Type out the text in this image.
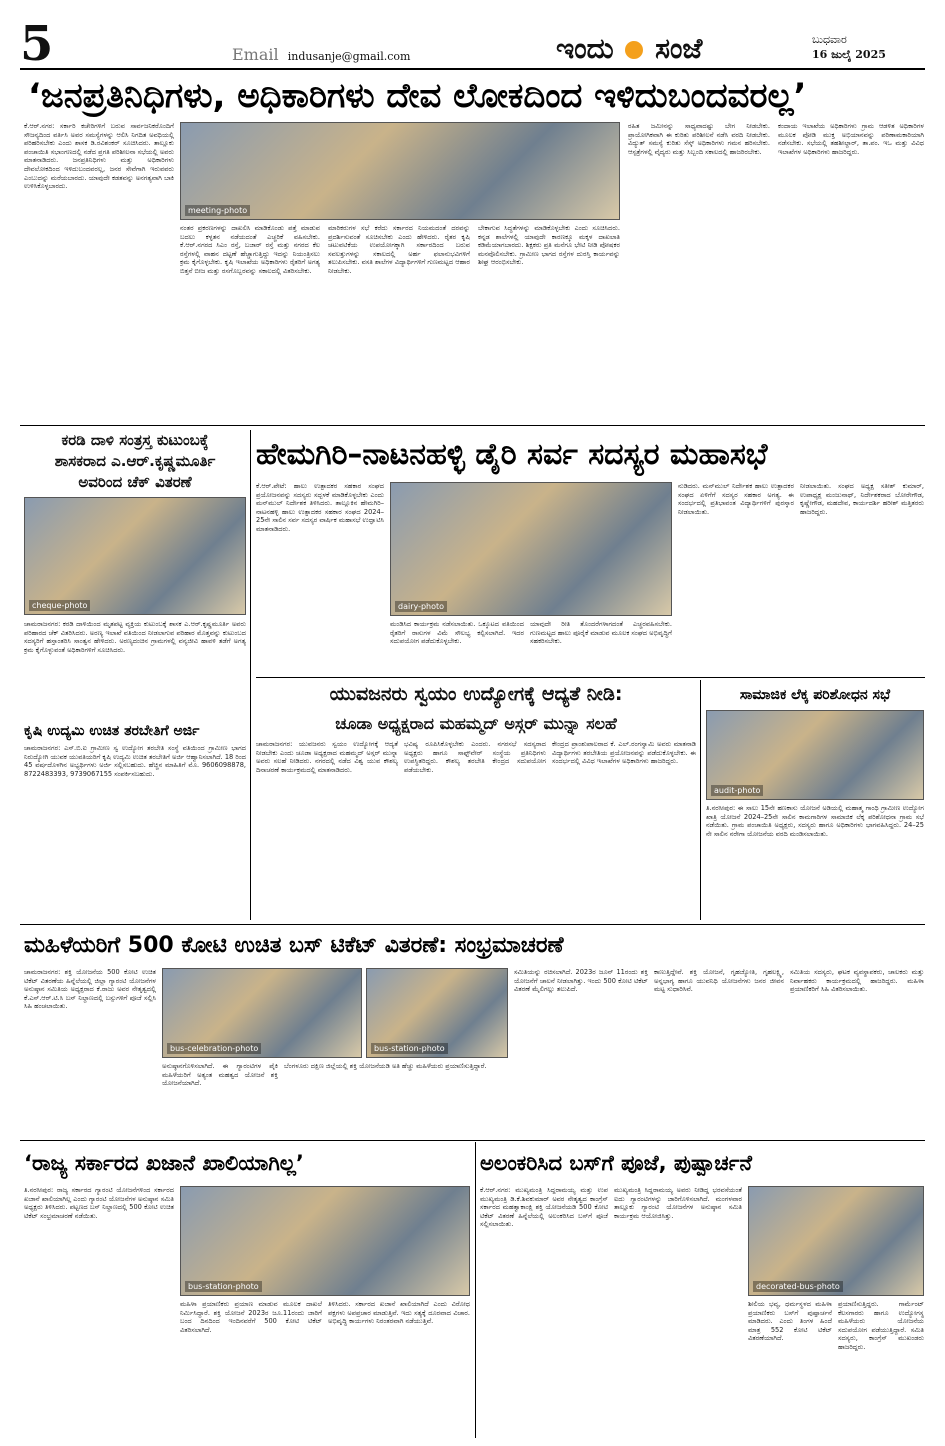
5	Email indusanje@gmail.com	ಇಂದು ಸಂಜೆ	ಬುಧವಾರ
16 ಜುಲೈ 2025
‘ಜನಪ್ರತಿನಿಧಿಗಳು, ಅಧಿಕಾರಿಗಳು ದೇವ ಲೋಕದಿಂದ ಇಳಿದುಬಂದವರಲ್ಲ’
ಕೆ.ಆರ್.ನಗರ: ಸರ್ಕಾರಿ ಕಚೇರಿಗಳಿಗೆ ಬರುವ ಸಾರ್ವಜನಿಕರೊಂದಿಗೆ ಸೌಜನ್ಯದಿಂದ ವರ್ತಿಸಿ ಅವರ ಸಮಸ್ಯೆಗಳನ್ನು ಆಲಿಸಿ ನಿಗದಿತ ಅವಧಿಯಲ್ಲಿ ಪರಿಹರಿಸಬೇಕು ಎಂದು ಶಾಸಕ ಡಿ.ರವಿಶಂಕರ್ ಸೂಚಿಸಿದರು. ತಾಲ್ಲೂಕು ಪಂಚಾಯಿತಿ ಸಭಾಂಗಣದಲ್ಲಿ ನಡೆದ ಪ್ರಗತಿ ಪರಿಶೀಲನಾ ಸಭೆಯಲ್ಲಿ ಅವರು ಮಾತನಾಡಿದರು. ಜನಪ್ರತಿನಿಧಿಗಳು ಮತ್ತು ಅಧಿಕಾರಿಗಳು ದೇವಲೋಕದಿಂದ ಇಳಿದುಬಂದವರಲ್ಲ, ಜನರ ಸೇವೆಗಾಗಿ ಇರುವವರು ಎಂಬುದನ್ನು ಮರೆಯಬಾರದು. ಯಾವುದೇ ಕಡತವನ್ನು ಅನಗತ್ಯವಾಗಿ ಬಾಕಿ ಉಳಿಸಿಕೊಳ್ಳಬಾರದು.
meeting-photo
ನಂತರ ಪ್ರಕರಣಗಳನ್ನು ದಾಖಲಿಸಿ ಮಾಡಿಕೊಂಡು ಪತ್ತೆ ಮಾಡುವ ಬದಲು ಕಳ್ಳತನ ನಡೆಯದಂತೆ ಎಚ್ಚರಿಕೆ ವಹಿಸಬೇಕು. ಕೆ.ಆರ್.ನಗರದ ಸಿಎಂ ರಸ್ತೆ, ಬಜಾರ್ ರಸ್ತೆ ಮತ್ತು ನಗರದ ಕೆಲ ರಸ್ತೆಗಳಲ್ಲಿ ವಾಹನ ದಟ್ಟಣೆ ಹೆಚ್ಚಾಗುತ್ತಿದ್ದು ಇದನ್ನು ನಿಯಂತ್ರಿಸಲು ಕ್ರಮ ಕೈಗೊಳ್ಳಬೇಕು. ಕೃಷಿ ಇಲಾಖೆಯ ಅಧಿಕಾರಿಗಳು ರೈತರಿಗೆ ಅಗತ್ಯ ಬಿತ್ತನೆ ಬೀಜ ಮತ್ತು ರಸಗೊಬ್ಬರವನ್ನು ಸಕಾಲದಲ್ಲಿ ವಿತರಿಸಬೇಕು.
ಮಾರಿಕರುಗಳ ಸಭೆ ಕರೆದು ಸರ್ಕಾರದ ನಿಯಮದಂತೆ ದರವನ್ನು ಪ್ರದರ್ಶಿಸುವಂತೆ ಸೂಚಿಸಬೇಕು ಎಂದು ಹೇಳಿದರು. ರೈತರ ಕೃಷಿ ಚಟುವಟಿಕೆಯ ಉಪಯೋಗಕ್ಕಾಗಿ ಸರ್ಕಾರದಿಂದ ಬರುವ ಸವಲತ್ತುಗಳನ್ನು ಸಕಾಲದಲ್ಲಿ ಅರ್ಹ ಫಲಾನುಭವಿಗಳಿಗೆ ತಲುಪಿಸಬೇಕು. ವಸತಿ ಶಾಲೆಗಳ ವಿದ್ಯಾರ್ಥಿಗಳಿಗೆ ಗುಣಮಟ್ಟದ ಆಹಾರ ನೀಡಬೇಕು.
ಬೇಕಾಗುವ ಸಿದ್ಧತೆಗಳನ್ನು ಮಾಡಿಕೊಳ್ಳಬೇಕು ಎಂದು ಸೂಚಿಸಿದರು. ಕನ್ನಡ ಶಾಲೆಗಳಲ್ಲಿ ಯಾವುದೇ ಕಾರಣಕ್ಕೂ ಮಕ್ಕಳ ದಾಖಲಾತಿ ಕಡಿಮೆಯಾಗಬಾರದು. ಶಿಕ್ಷಕರು ಪ್ರತಿ ಮನೆಗೂ ಭೇಟಿ ನೀಡಿ ಪೋಷಕರ ಮನವೊಲಿಸಬೇಕು. ಗ್ರಾಮೀಣ ಭಾಗದ ರಸ್ತೆಗಳ ದುರಸ್ತಿ ಕಾರ್ಯವನ್ನು ಶೀಘ್ರ ಆರಂಭಿಸಬೇಕು.
ರಹಿತ ಜಮೀನನ್ನು ಸಾಧ್ಯವಾದಷ್ಟು ಬೇಗ ನೀಡಬೇಕು. ಪ್ರಾಯೋಗಿಕವಾಗಿ ಈ ಕುರಿತು ಪರಿಶೀಲನೆ ನಡೆಸಿ ವರದಿ ನೀಡಬೇಕು. ವಿದ್ಯುತ್ ಸಮಸ್ಯೆ ಕುರಿತು ಸೆಸ್ಕ್ ಅಧಿಕಾರಿಗಳು ಗಮನ ಹರಿಸಬೇಕು. ಆಸ್ಪತ್ರೆಗಳಲ್ಲಿ ವೈದ್ಯರು ಮತ್ತು ಸಿಬ್ಬಂದಿ ಸಕಾಲದಲ್ಲಿ ಹಾಜರಿರಬೇಕು.
ಕಂದಾಯ ಇಲಾಖೆಯ ಅಧಿಕಾರಿಗಳು ಗ್ರಾಮ ಆಡಳಿತ ಅಧಿಕಾರಿಗಳ ಮೂಲಕ ಪೋಡಿ ಮುಕ್ತ ಅಭಿಯಾನವನ್ನು ಪರಿಣಾಮಕಾರಿಯಾಗಿ ನಡೆಸಬೇಕು. ಸಭೆಯಲ್ಲಿ ತಹಶೀಲ್ದಾರ್, ತಾ.ಪಂ. ಇಒ ಮತ್ತು ವಿವಿಧ ಇಲಾಖೆಗಳ ಅಧಿಕಾರಿಗಳು ಹಾಜರಿದ್ದರು.
ಕರಡಿ ದಾಳಿ ಸಂತ್ರಸ್ತ ಕುಟುಂಬಕ್ಕೆ
ಶಾಸಕರಾದ ಎ.ಆರ್.ಕೃಷ್ಣಮೂರ್ತಿ
ಅವರಿಂದ ಚೆಕ್ ವಿತರಣೆ
cheque-photo
ಚಾಮರಾಜನಗರ: ಕರಡಿ ದಾಳಿಯಿಂದ ಮೃತಪಟ್ಟ ವ್ಯಕ್ತಿಯ ಕುಟುಂಬಕ್ಕೆ ಶಾಸಕ ಎ.ಆರ್.ಕೃಷ್ಣಮೂರ್ತಿ ಅವರು ಪರಿಹಾರದ ಚೆಕ್ ವಿತರಿಸಿದರು. ಅರಣ್ಯ ಇಲಾಖೆ ವತಿಯಿಂದ ನೀಡಲಾಗುವ ಪರಿಹಾರ ಮೊತ್ತವನ್ನು ಕುಟುಂಬದ ಸದಸ್ಯರಿಗೆ ಹಸ್ತಾಂತರಿಸಿ ಸಾಂತ್ವನ ಹೇಳಿದರು. ಅರಣ್ಯದಂಚಿನ ಗ್ರಾಮಗಳಲ್ಲಿ ವನ್ಯಜೀವಿ ಹಾವಳಿ ತಡೆಗೆ ಅಗತ್ಯ ಕ್ರಮ ಕೈಗೊಳ್ಳುವಂತೆ ಅಧಿಕಾರಿಗಳಿಗೆ ಸೂಚಿಸಿದರು.
ಕೃಷಿ ಉದ್ಯಮಿ ಉಚಿತ ತರಬೇತಿಗೆ ಅರ್ಜಿ
ಚಾಮರಾಜನಗರ: ಎಸ್.ಬಿ.ಐ ಗ್ರಾಮೀಣ ಸ್ವ ಉದ್ಯೋಗ ತರಬೇತಿ ಸಂಸ್ಥೆ ವತಿಯಿಂದ ಗ್ರಾಮೀಣ ಭಾಗದ ನಿರುದ್ಯೋಗಿ ಯುವಕ ಯುವತಿಯರಿಗೆ ಕೃಷಿ ಉದ್ಯಮಿ ಉಚಿತ ತರಬೇತಿಗೆ ಅರ್ಜಿ ಆಹ್ವಾನಿಸಲಾಗಿದೆ. 18 ರಿಂದ 45 ವರ್ಷದೊಳಗಿನ ಅಭ್ಯರ್ಥಿಗಳು ಅರ್ಜಿ ಸಲ್ಲಿಸಬಹುದು. ಹೆಚ್ಚಿನ ಮಾಹಿತಿಗೆ ಮೊ. 9606098878, 8722483393, 9739067155 ಸಂಪರ್ಕಿಸಬಹುದು.
ಹೇಮಗಿರಿ–ನಾಟನಹಳ್ಳಿ ಡೈರಿ ಸರ್ವ ಸದಸ್ಯರ ಮಹಾಸಭೆ
ಕೆ.ಆರ್.ಪೇಟೆ: ಹಾಲು ಉತ್ಪಾದಕರ ಸಹಕಾರ ಸಂಘದ ಪ್ರಯೋಜನವನ್ನು ಸದಸ್ಯರು ಸದ್ಬಳಕೆ ಮಾಡಿಕೊಳ್ಳಬೇಕು ಎಂದು ಮನ್‌ಮುಲ್ ನಿರ್ದೇಶಕ ತಿಳಿಸಿದರು. ತಾಲ್ಲೂಕಿನ ಹೇಮಗಿರಿ–ನಾಟನಹಳ್ಳಿ ಹಾಲು ಉತ್ಪಾದಕರ ಸಹಕಾರ ಸಂಘದ 2024–25ನೇ ಸಾಲಿನ ಸರ್ವ ಸದಸ್ಯರ ವಾರ್ಷಿಕ ಮಹಾಸಭೆ ಉದ್ಘಾಟಿಸಿ ಮಾತನಾಡಿದರು.
dairy-photo
ಮಂಡಿಸಿದ ಕಾರ್ಯಕ್ರಮ ನಡೆಸಲಾಯಿತು. ಒಕ್ಕೂಟದ ವತಿಯಿಂದ ರೈತರಿಗೆ ರಾಸುಗಳ ವಿಮೆ ಸೌಲಭ್ಯ ಕಲ್ಪಿಸಲಾಗಿದೆ. ಇದರ ಸದುಪಯೋಗ ಪಡೆದುಕೊಳ್ಳಬೇಕು.
ಯಾವುದೇ ರೀತಿ ತೊಂದರೆಗಳಾಗದಂತೆ ಎಚ್ಚರವಹಿಸಬೇಕು. ಗುಣಮಟ್ಟದ ಹಾಲು ಪೂರೈಕೆ ಮಾಡುವ ಮೂಲಕ ಸಂಘದ ಅಭಿವೃದ್ಧಿಗೆ ಸಹಕರಿಸಬೇಕು.
ನುಡಿದರು. ಮನ್‌ಮುಲ್ ನಿರ್ದೇಶಕ ಹಾಲು ಉತ್ಪಾದಕರ ಸಂಘದ ಏಳಿಗೆಗೆ ಸದಸ್ಯರ ಸಹಕಾರ ಅಗತ್ಯ. ಈ ಸಂದರ್ಭದಲ್ಲಿ ಪ್ರತಿಭಾವಂತ ವಿದ್ಯಾರ್ಥಿಗಳಿಗೆ ಪುರಸ್ಕಾರ ನೀಡಲಾಯಿತು.
ನೀಡಲಾಯಿತು. ಸಂಘದ ಅಧ್ಯಕ್ಷ ಸತೀಶ್ ಕುಮಾರ್, ಉಪಾಧ್ಯಕ್ಷ ಮಂಜುನಾಥ್, ನಿರ್ದೇಶಕರಾದ ಬೋರೇಗೌಡ, ಕೃಷ್ಣೇಗೌಡ, ಮಹದೇವ, ಕಾರ್ಯದರ್ಶಿ ಹರೀಶ್ ಮತ್ತಿತರರು ಹಾಜರಿದ್ದರು.
ಯುವಜನರು ಸ್ವಯಂ ಉದ್ಯೋಗಕ್ಕೆ ಆದ್ಯತೆ ನೀಡಿ:
ಚೂಡಾ ಅಧ್ಯಕ್ಷರಾದ ಮಹಮ್ಮದ್ ಅಸ್ಗರ್ ಮುನ್ನಾ ಸಲಹೆ
ಚಾಮರಾಜನಗರ: ಯುವಜನರು ಸ್ವಯಂ ಉದ್ಯೋಗಕ್ಕೆ ಆದ್ಯತೆ ನೀಡಬೇಕು ಎಂದು ಚೂಡಾ ಅಧ್ಯಕ್ಷರಾದ ಮಹಮ್ಮದ್ ಅಸ್ಗರ್ ಮುನ್ನಾ ಅವರು ಸಲಹೆ ನೀಡಿದರು. ನಗರದಲ್ಲಿ ನಡೆದ ವಿಶ್ವ ಯುವ ಕೌಶಲ್ಯ ದಿನಾಚರಣೆ ಕಾರ್ಯಕ್ರಮದಲ್ಲಿ ಮಾತನಾಡಿದರು.
ಭವಿಷ್ಯ ರೂಪಿಸಿಕೊಳ್ಳಬೇಕು ಎಂದರು. ನಗರಸಭೆ ಸದಸ್ಯರಾದ ಅಧ್ಯಕ್ಷರು ಹಾಗೂ ಸಾಫ್ಟ್‌ವೇರ್ ಸಂಸ್ಥೆಯ ಪ್ರತಿನಿಧಿಗಳು ಉಪಸ್ಥಿತರಿದ್ದರು. ಕೌಶಲ್ಯ ತರಬೇತಿ ಕೇಂದ್ರದ ಸದುಪಯೋಗ ಪಡೆಯಬೇಕು.
ಕೇಂದ್ರದ ಪ್ರಾಂಶುಪಾಲರಾದ ಕೆ. ಎಲ್.ರಂಗಸ್ವಾಮಿ ಅವರು ಮಾತನಾಡಿ ವಿದ್ಯಾರ್ಥಿಗಳು ತರಬೇತಿಯ ಪ್ರಯೋಜನವನ್ನು ಪಡೆದುಕೊಳ್ಳಬೇಕು. ಈ ಸಂದರ್ಭದಲ್ಲಿ ವಿವಿಧ ಇಲಾಖೆಗಳ ಅಧಿಕಾರಿಗಳು ಹಾಜರಿದ್ದರು.
ಸಾಮಾಜಿಕ ಲೆಕ್ಕ ಪರಿಶೋಧನ ಸಭೆ
audit-photo
ತಿ.ನರಸೀಪುರ: ಈ ಸಾಲು 15ನೇ ಹಣಕಾಸು ಯೋಜನೆ ಅಡಿಯಲ್ಲಿ ಮಹಾತ್ಮ ಗಾಂಧಿ ಗ್ರಾಮೀಣ ಉದ್ಯೋಗ ಖಾತ್ರಿ ಯೋಜನೆ 2024–25ನೇ ಸಾಲಿನ ಕಾಮಗಾರಿಗಳ ಸಾಮಾಜಿಕ ಲೆಕ್ಕ ಪರಿಶೋಧನಾ ಗ್ರಾಮ ಸಭೆ ನಡೆಯಿತು. ಗ್ರಾಮ ಪಂಚಾಯಿತಿ ಅಧ್ಯಕ್ಷರು, ಸದಸ್ಯರು ಹಾಗೂ ಅಧಿಕಾರಿಗಳು ಭಾಗವಹಿಸಿದ್ದರು. 24–25 ನೇ ಸಾಲಿನ ನರೇಗಾ ಯೋಜನೆಯ ವರದಿ ಮಂಡಿಸಲಾಯಿತು.
ಮಹಿಳೆಯರಿಗೆ 500 ಕೋಟಿ ಉಚಿತ ಬಸ್ ಟಿಕೆಟ್ ವಿತರಣೆ: ಸಂಭ್ರಮಾಚರಣೆ
ಚಾಮರಾಜನಗರ: ಶಕ್ತಿ ಯೋಜನೆಯ 500 ಕೋಟಿ ಉಚಿತ ಟಿಕೆಟ್ ವಿತರಣೆಯ ಹಿನ್ನೆಲೆಯಲ್ಲಿ ಜಿಲ್ಲಾ ಗ್ಯಾರಂಟಿ ಯೋಜನೆಗಳ ಅನುಷ್ಠಾನ ಸಮಿತಿಯ ಅಧ್ಯಕ್ಷರಾದ ಕೆ.ರಾಜು ಅವರ ನೇತೃತ್ವದಲ್ಲಿ ಕೆ.ಎಸ್.ಆರ್.ಟಿ.ಸಿ ಬಸ್ ನಿಲ್ದಾಣದಲ್ಲಿ ಬಸ್ಸುಗಳಿಗೆ ಪೂಜೆ ಸಲ್ಲಿಸಿ ಸಿಹಿ ಹಂಚಲಾಯಿತು.
bus-celebration-photo	bus-station-photo
ಅನುಷ್ಠಾನಗೊಳಿಸಲಾಗಿದೆ. ಈ ಗ್ಯಾರಂಟಿಗಳ ಪೈಕಿ ಮಹಿಳೆಯರಿಗೆ ಅತ್ಯಂತ ಮಹತ್ವದ ಯೋಜನೆ ಶಕ್ತಿ ಯೋಜನೆಯಾಗಿದೆ.
ಬೆಂಗಳೂರು ದಕ್ಷಿಣ ಜಿಲ್ಲೆಯಲ್ಲಿ ಶಕ್ತಿ ಯೋಜನೆಯಡಿ ಅತಿ ಹೆಚ್ಚು ಮಹಿಳೆಯರು ಪ್ರಯಾಣಿಸುತ್ತಿದ್ದಾರೆ.
ಸಮಿತಿಯನ್ನು ರಚಿಸಲಾಗಿದೆ. 2023ರ ಜೂನ್ 11ರಂದು ಶಕ್ತಿ ಯೋಜನೆಗೆ ಚಾಲನೆ ನೀಡಲಾಗಿತ್ತು. ಇಂದು 500 ಕೋಟಿ ಟಿಕೆಟ್ ವಿತರಣೆ ಮೈಲಿಗಲ್ಲು ತಲುಪಿದೆ.
ಕಾಣುತ್ತಿದ್ದೇವೆ. ಶಕ್ತಿ ಯೋಜನೆ, ಗೃಹಜ್ಯೋತಿ, ಗೃಹಲಕ್ಷ್ಮಿ, ಅನ್ನಭಾಗ್ಯ ಹಾಗೂ ಯುವನಿಧಿ ಯೋಜನೆಗಳು ಜನರ ಜೀವನ ಮಟ್ಟ ಸುಧಾರಿಸಿವೆ.
ಸಮಿತಿಯ ಸದಸ್ಯರು, ಘಟಕ ವ್ಯವಸ್ಥಾಪಕರು, ಚಾಲಕರು ಮತ್ತು ನಿರ್ವಾಹಕರು ಕಾರ್ಯಕ್ರಮದಲ್ಲಿ ಹಾಜರಿದ್ದರು. ಮಹಿಳಾ ಪ್ರಯಾಣಿಕರಿಗೆ ಸಿಹಿ ವಿತರಿಸಲಾಯಿತು.
‘ರಾಜ್ಯ ಸರ್ಕಾರದ ಖಜಾನೆ ಖಾಲಿಯಾಗಿಲ್ಲ’
ತಿ.ನರಸೀಪುರ: ರಾಜ್ಯ ಸರ್ಕಾರದ ಗ್ಯಾರಂಟಿ ಯೋಜನೆಗಳಿಂದ ಸರ್ಕಾರದ ಖಜಾನೆ ಖಾಲಿಯಾಗಿಲ್ಲ ಎಂದು ಗ್ಯಾರಂಟಿ ಯೋಜನೆಗಳ ಅನುಷ್ಠಾನ ಸಮಿತಿ ಅಧ್ಯಕ್ಷರು ತಿಳಿಸಿದರು. ಪಟ್ಟಣದ ಬಸ್ ನಿಲ್ದಾಣದಲ್ಲಿ 500 ಕೋಟಿ ಉಚಿತ ಟಿಕೆಟ್ ಸಂಭ್ರಮಾಚರಣೆ ನಡೆಯಿತು.
bus-station-photo
ಮಹಿಳಾ ಪ್ರಯಾಣಿಕರು ಪ್ರಯಾಣ ಮಾಡುವ ಮೂಲಕ ದಾಖಲೆ ನಿರ್ಮಿಸಿದ್ದಾರೆ. ಶಕ್ತಿ ಯೋಜನೆ 2023ರ ಜೂ.11ರಂದು ಜಾರಿಗೆ ಬಂದ ದಿನದಿಂದ ಇಂದಿನವರೆಗೆ 500 ಕೋಟಿ ಟಿಕೆಟ್ ವಿತರಿಸಲಾಗಿದೆ.
ತಿಳಿಸಿದರು. ಸರ್ಕಾರದ ಖಜಾನೆ ಖಾಲಿಯಾಗಿದೆ ಎಂದು ವಿರೋಧ ಪಕ್ಷಗಳು ಅಪಪ್ರಚಾರ ಮಾಡುತ್ತಿವೆ. ಇದು ಸತ್ಯಕ್ಕೆ ದೂರವಾದ ವಿಚಾರ. ಅಭಿವೃದ್ಧಿ ಕಾರ್ಯಗಳು ನಿರಂತರವಾಗಿ ನಡೆಯುತ್ತಿವೆ.
ಅಲಂಕರಿಸಿದ ಬಸ್‌ಗೆ ಪೂಜೆ, ಪುಷ್ಪಾರ್ಚನೆ
ಕೆ.ಆರ್.ನಗರ: ಮುಖ್ಯಮಂತ್ರಿ ಸಿದ್ದರಾಮಯ್ಯ ಮತ್ತು ಉಪ ಮುಖ್ಯಮಂತ್ರಿ ಡಿ.ಕೆ.ಶಿವಕುಮಾರ್ ಅವರ ನೇತೃತ್ವದ ಕಾಂಗ್ರೆಸ್ ಸರ್ಕಾರದ ಮಹತ್ವಾಕಾಂಕ್ಷಿ ಶಕ್ತಿ ಯೋಜನೆಯಡಿ 500 ಕೋಟಿ ಟಿಕೆಟ್ ವಿತರಣೆ ಹಿನ್ನೆಲೆಯಲ್ಲಿ ಅಲಂಕರಿಸಿದ ಬಸ್‌ಗೆ ಪೂಜೆ ಸಲ್ಲಿಸಲಾಯಿತು.
ಮುಖ್ಯಮಂತ್ರಿ ಸಿದ್ದರಾಮಯ್ಯ ಅವರು ನೀಡಿದ್ದ ಭರವಸೆಯಂತೆ ಐದು ಗ್ಯಾರಂಟಿಗಳನ್ನು ಜಾರಿಗೊಳಿಸಲಾಗಿದೆ. ಮಂಗಳವಾರ ತಾಲ್ಲೂಕು ಗ್ಯಾರಂಟಿ ಯೋಜನೆಗಳ ಅನುಷ್ಠಾನ ಸಮಿತಿ ಕಾರ್ಯಕ್ರಮ ಆಯೋಜಿಸಿತ್ತು.
decorated-bus-photo
ಶೀಲಿಯ ಭವ್ಯ, ಧರ್ಮಸ್ಥಳದ ಮಹಿಳಾ ಪ್ರಯಾಣಿಕರು ಬಸ್‌ಗೆ ಪುಷ್ಪಾರ್ಚನೆ ಮಾಡಿದರು. ಎಂದು ತಿಂಗಳ ಹಿಂದೆ ಮಾತ್ರ 552 ಕೋಟಿ ಟಿಕೆಟ್ ವಿತರಣೆಯಾಗಿದೆ.
ಪ್ರಯಾಣಿಸುತ್ತಿದ್ದರು. ಗಾರ್ಮೆಂಟ್ ಕೆಲಸಗಾರರು ಹಾಗೂ ಉದ್ಯೋಗಸ್ಥ ಮಹಿಳೆಯರು ಯೋಜನೆಯ ಸದುಪಯೋಗ ಪಡೆಯುತ್ತಿದ್ದಾರೆ. ಸಮಿತಿ ಸದಸ್ಯರು, ಕಾಂಗ್ರೆಸ್ ಮುಖಂಡರು ಹಾಜರಿದ್ದರು.
